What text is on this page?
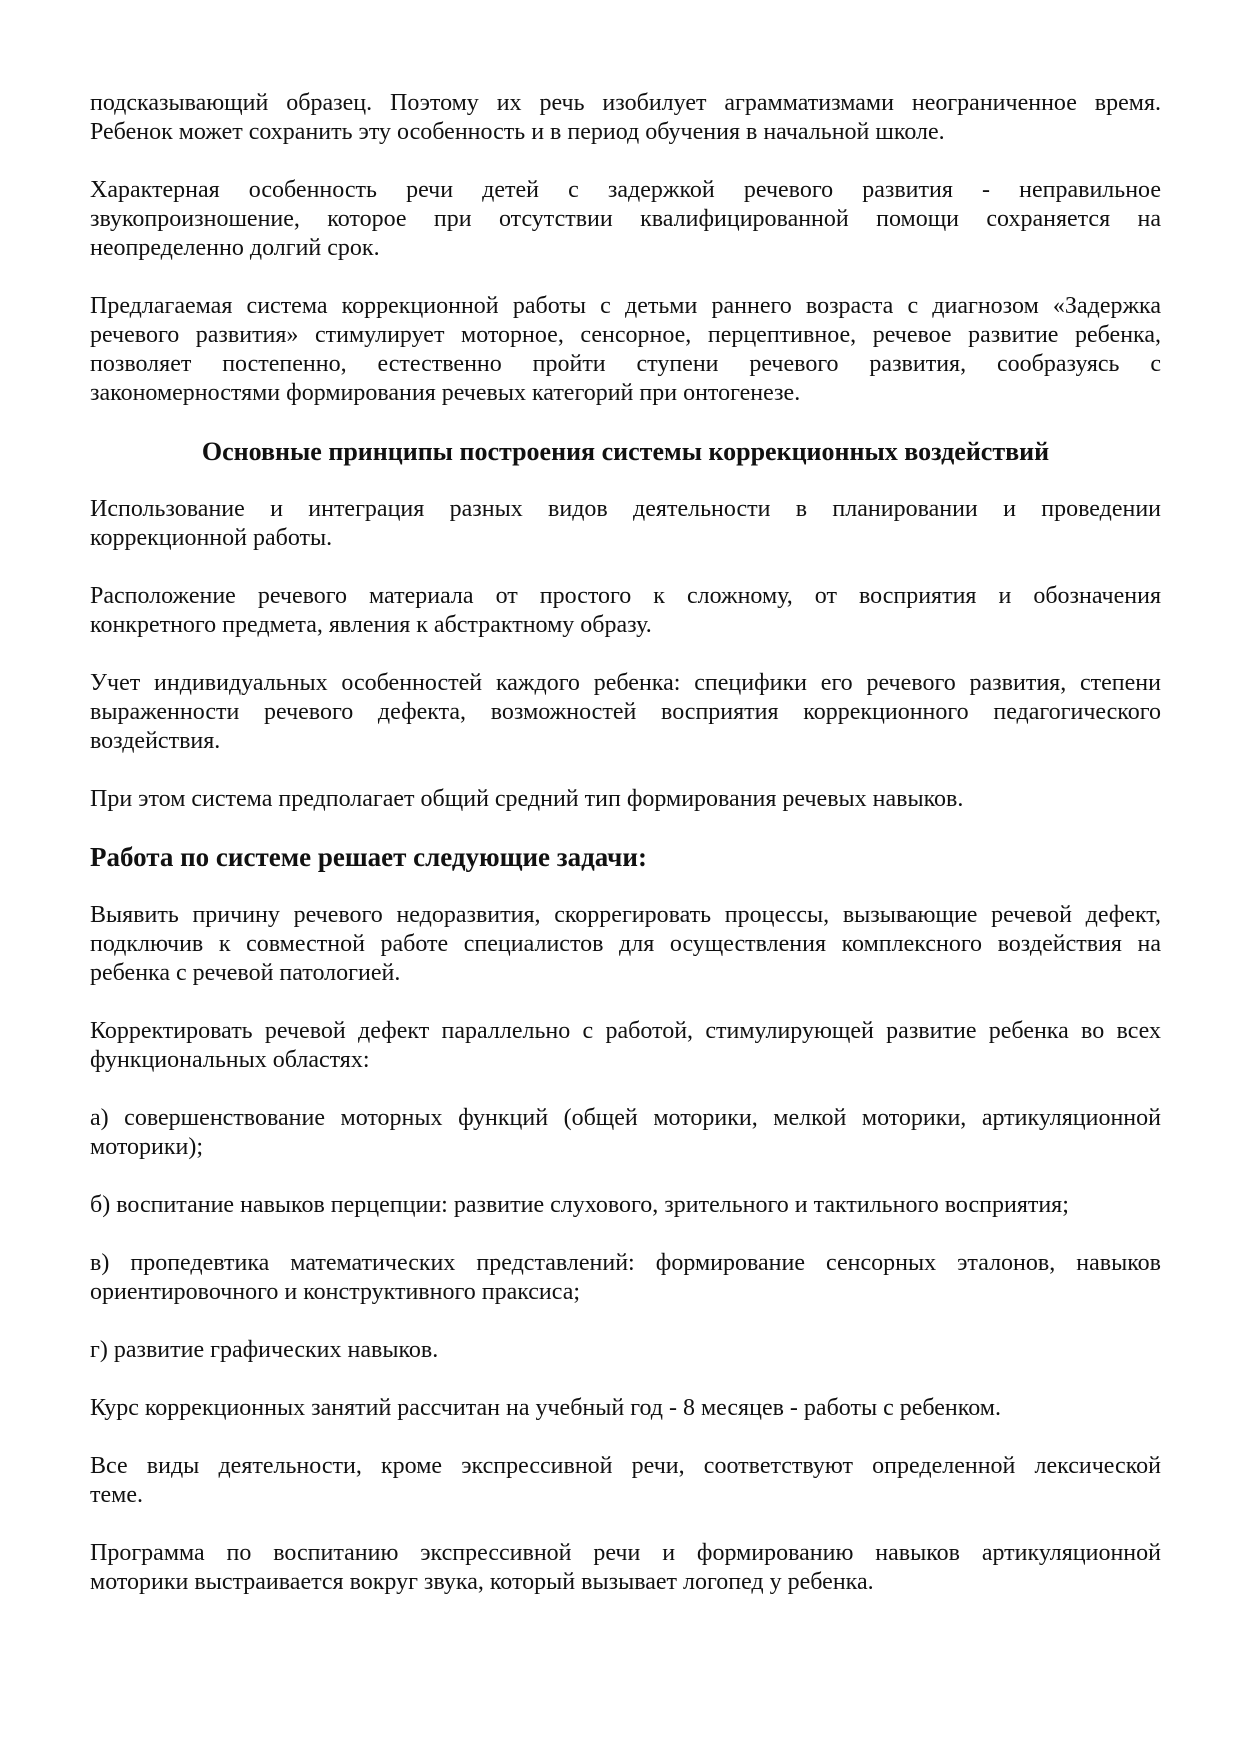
подсказывающий образец. Поэтому их речь изобилует аграмматизмами неограниченное время.
Ребенок может сохранить эту особенность и в период обучения в начальной школе.
Характерная особенность речи детей с задержкой речевого развития - неправильное
звукопроизношение, которое при отсутствии квалифицированной помощи сохраняется на
неопределенно долгий срок.
Предлагаемая система коррекционной работы с детьми раннего возраста с диагнозом «Задержка
речевого развития» стимулирует моторное, сенсорное, перцептивное, речевое развитие ребенка,
позволяет постепенно, естественно пройти ступени речевого развития, сообразуясь с
закономерностями формирования речевых категорий при онтогенезе.
Основные принципы построения системы коррекционных воздействий
Использование и интеграция разных видов деятельности в планировании и проведении
коррекционной работы.
Расположение речевого материала от простого к сложному, от восприятия и обозначения
конкретного предмета, явления к абстрактному образу.
Учет индивидуальных особенностей каждого ребенка: специфики его речевого развития, степени
выраженности речевого дефекта, возможностей восприятия коррекционного педагогического
воздействия.
При этом система предполагает общий средний тип формирования речевых навыков.
Работа по системе решает следующие задачи:
Выявить причину речевого недоразвития, скоррегировать процессы, вызывающие речевой дефект,
подключив к совместной работе специалистов для осуществления комплексного воздействия на
ребенка с речевой патологией.
Корректировать речевой дефект параллельно с работой, стимулирующей развитие ребенка во всех
функциональных областях:
а) совершенствование моторных функций (общей моторики, мелкой моторики, артикуляционной
моторики);
б) воспитание навыков перцепции: развитие слухового, зрительного и тактильного восприятия;
в) пропедевтика математических представлений: формирование сенсорных эталонов, навыков
ориентировочного и конструктивного праксиса;
г) развитие графических навыков.
Курс коррекционных занятий рассчитан на учебный год - 8 месяцев - работы с ребенком.
Все виды деятельности, кроме экспрессивной речи, соответствуют определенной лексической
теме.
Программа по воспитанию экспрессивной речи и формированию навыков артикуляционной
моторики выстраивается вокруг звука, который вызывает логопед у ребенка.
